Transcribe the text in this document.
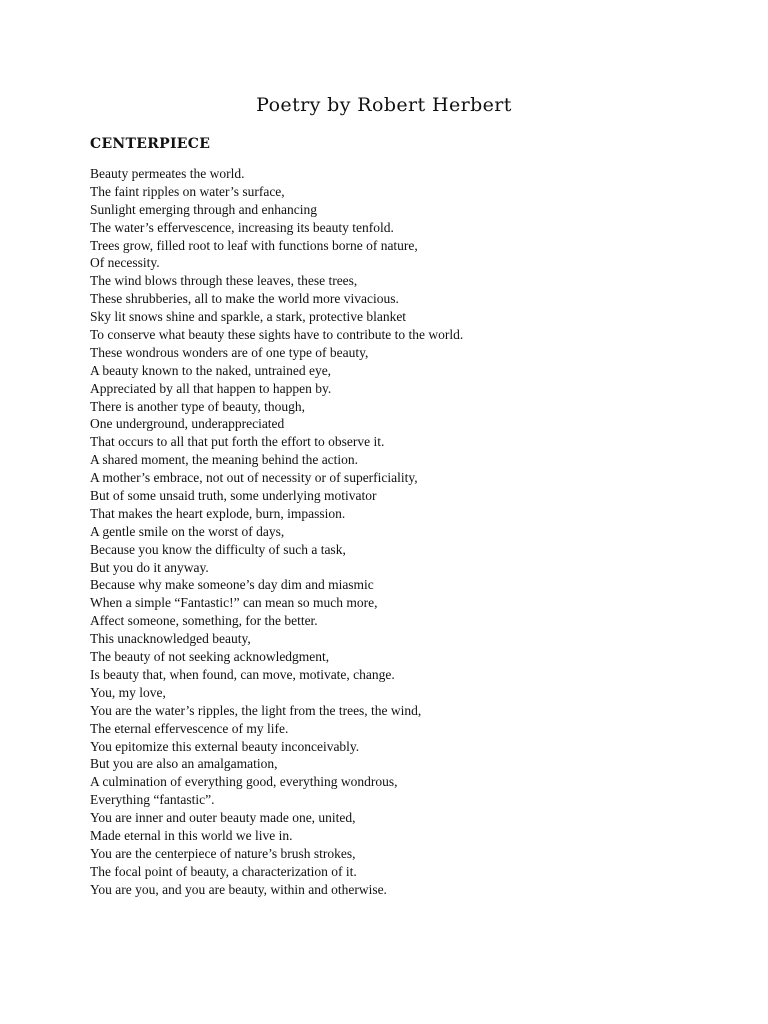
Poetry by Robert Herbert
CENTERPIECE
Beauty permeates the world.
The faint ripples on water’s surface,
Sunlight emerging through and enhancing
The water’s effervescence, increasing its beauty tenfold.
Trees grow, filled root to leaf with functions borne of nature,
Of necessity.
The wind blows through these leaves, these trees,
These shrubberies, all to make the world more vivacious.
Sky lit snows shine and sparkle, a stark, protective blanket
To conserve what beauty these sights have to contribute to the world.
These wondrous wonders are of one type of beauty,
A beauty known to the naked, untrained eye,
Appreciated by all that happen to happen by.
There is another type of beauty, though,
One underground, underappreciated
That occurs to all that put forth the effort to observe it.
A shared moment, the meaning behind the action.
A mother’s embrace, not out of necessity or of superficiality,
But of some unsaid truth, some underlying motivator
That makes the heart explode, burn, impassion.
A gentle smile on the worst of days,
Because you know the difficulty of such a task,
But you do it anyway.
Because why make someone’s day dim and miasmic
When a simple “Fantastic!” can mean so much more,
Affect someone, something, for the better.
This unacknowledged beauty,
The beauty of not seeking acknowledgment,
Is beauty that, when found, can move, motivate, change.
You, my love,
You are the water’s ripples, the light from the trees, the wind,
The eternal effervescence of my life.
You epitomize this external beauty inconceivably.
But you are also an amalgamation,
A culmination of everything good, everything wondrous,
Everything “fantastic”.
You are inner and outer beauty made one, united,
Made eternal in this world we live in.
You are the centerpiece of nature’s brush strokes,
The focal point of beauty, a characterization of it.
You are you, and you are beauty, within and otherwise.
